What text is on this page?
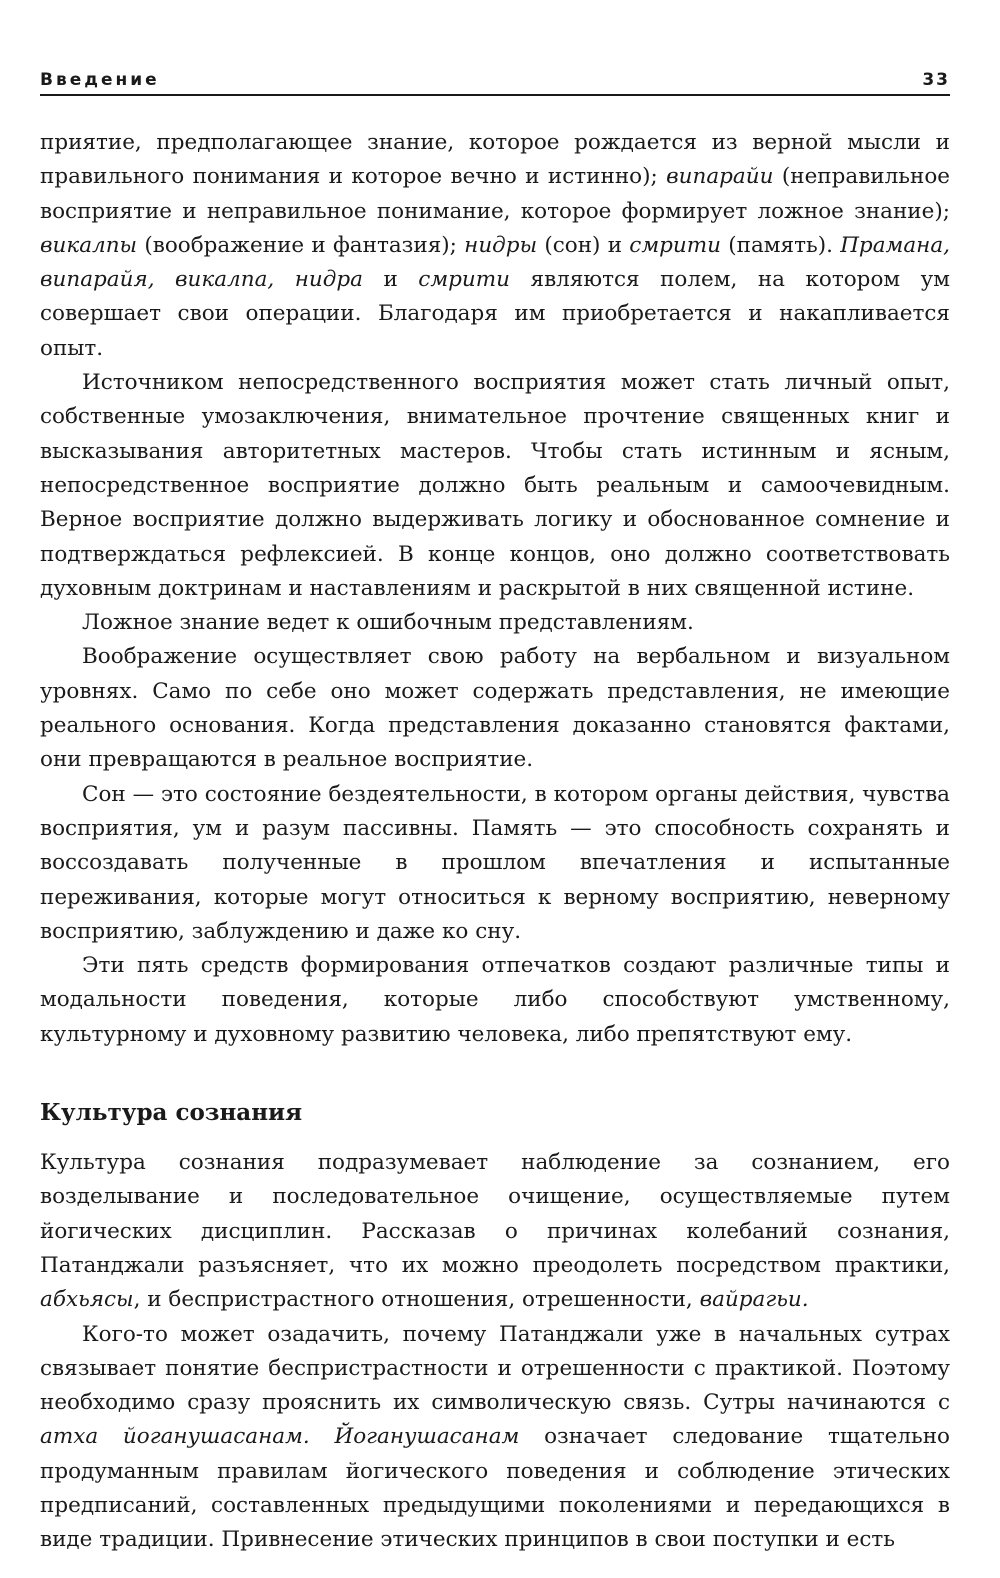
Введение	33

приятие, предполагающее знание, которое рождается из верной мысли и правильного понимания и которое вечно и истинно); випарайи (неправильное восприятие и неправильное понимание, которое формирует ложное знание); викалпы (воображение и фантазия); нидры (сон) и смрити (память). Прамана, випарайя, викалпа, нидра и смрити являются полем, на котором ум совершает свои операции. Благодаря им приобретается и накапливается опыт.

Источником непосредственного восприятия может стать личный опыт, собственные умозаключения, внимательное прочтение священных книг и высказывания авторитетных мастеров. Чтобы стать истинным и ясным, непосредственное восприятие должно быть реальным и самоочевидным. Верное восприятие должно выдерживать логику и обоснованное сомнение и подтверждаться рефлексией. В конце концов, оно должно соответствовать духовным доктринам и наставлениям и раскрытой в них священной истине.

Ложное знание ведет к ошибочным представлениям.

Воображение осуществляет свою работу на вербальном и визуальном уровнях. Само по себе оно может содержать представления, не имеющие реального основания. Когда представления доказанно становятся фактами, они превращаются в реальное восприятие.

Сон — это состояние бездеятельности, в котором органы действия, чувства восприятия, ум и разум пассивны. Память — это способность сохранять и воссоздавать полученные в прошлом впечатления и испытанные переживания, которые могут относиться к верному восприятию, неверному восприятию, заблуждению и даже ко сну.

Эти пять средств формирования отпечатков создают различные типы и модальности поведения, которые либо способствуют умственному, культурному и духовному развитию человека, либо препятствуют ему.

Культура сознания

Культура сознания подразумевает наблюдение за сознанием, его возделывание и последовательное очищение, осуществляемые путем йогических дисциплин. Рассказав о причинах колебаний сознания, Патанджали разъясняет, что их можно преодолеть посредством практики, абхьясы, и беспристрастного отношения, отрешенности, вайрагьи.

Кого-то может озадачить, почему Патанджали уже в начальных сутрах связывает понятие беспристрастности и отрешенности с практикой. Поэтому необходимо сразу прояснить их символическую связь. Сутры начинаются с атха йоганушасанам. Йоганушасанам означает следование тщательно продуманным правилам йогического поведения и соблюдение этических предписаний, составленных предыдущими поколениями и передающихся в виде традиции. Привнесение этических принципов в свои поступки и есть
